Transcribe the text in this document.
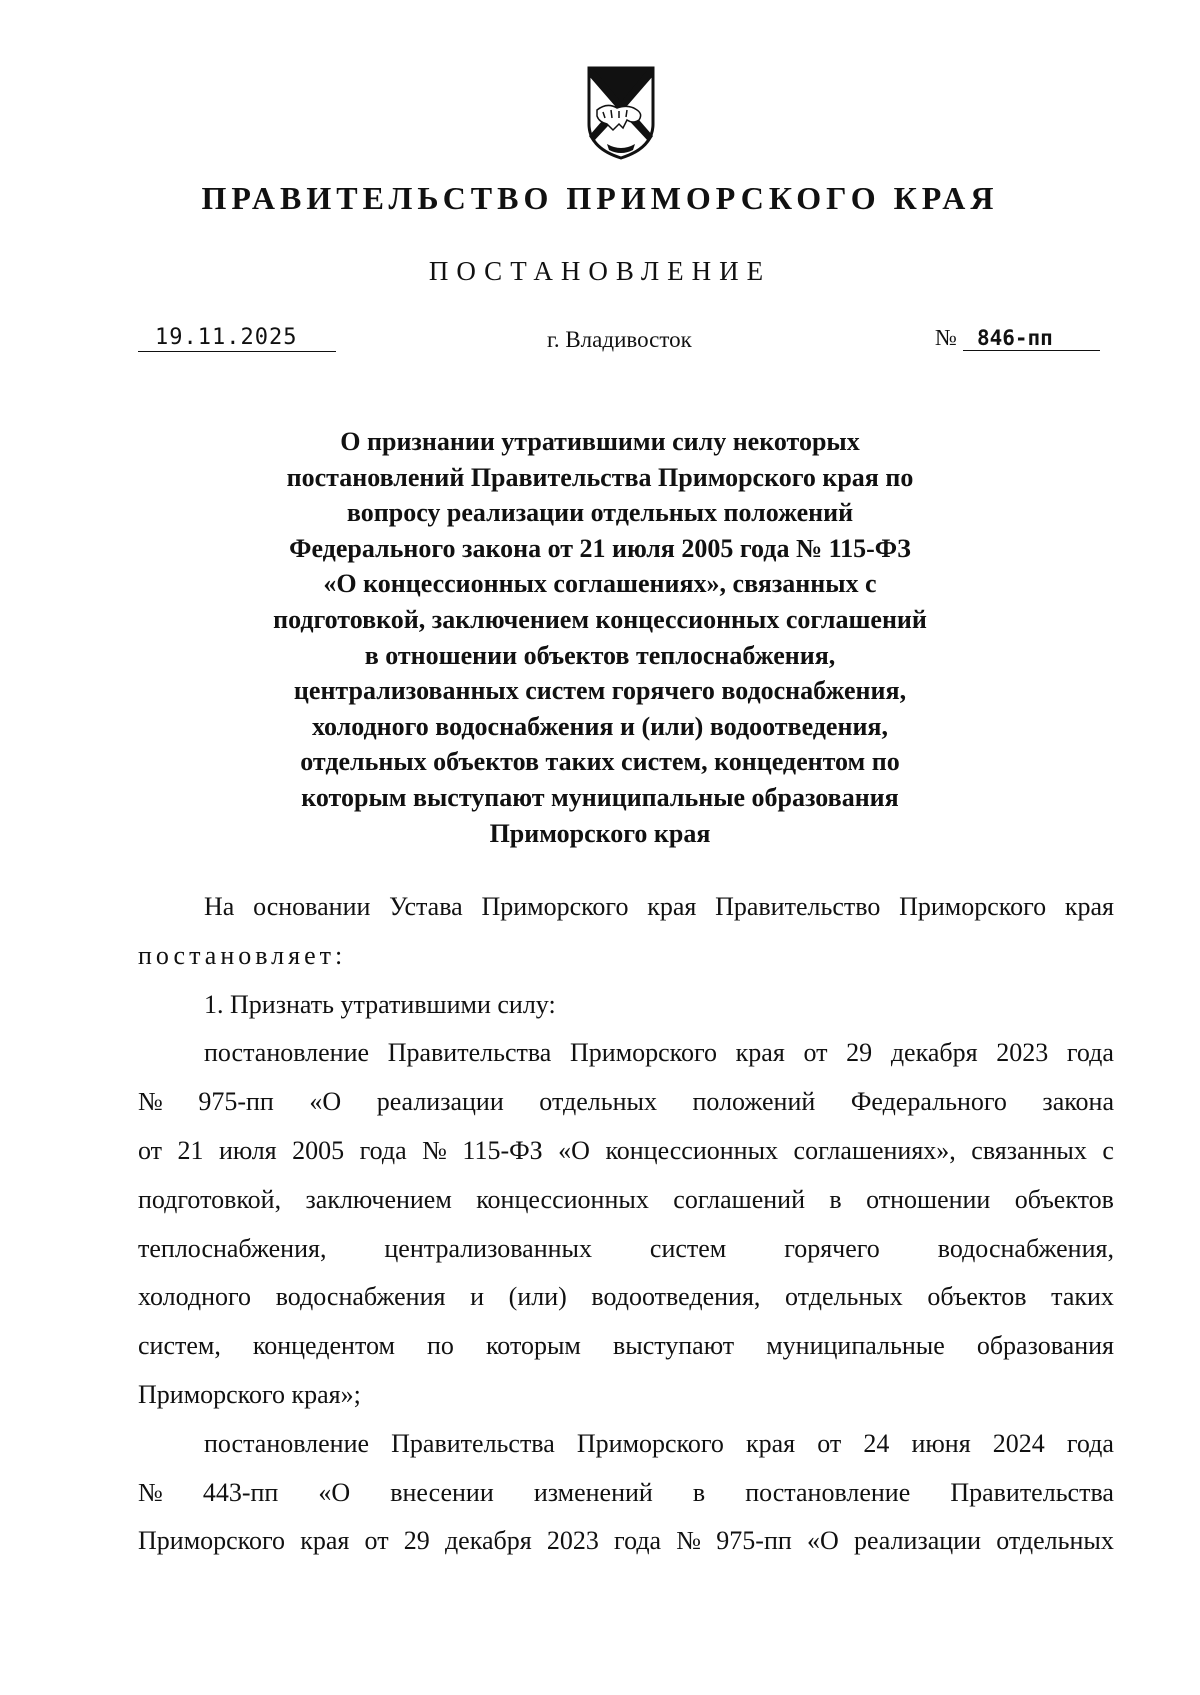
ПРАВИТЕЛЬСТВО ПРИМОРСКОГО КРАЯ
ПОСТАНОВЛЕНИЕ
19.11.2025	г. Владивосток	№ 846-пп
О признании утратившими силу некоторых
постановлений Правительства Приморского края по
вопросу реализации отдельных положений
Федерального закона от 21 июля 2005 года № 115-ФЗ
«О концессионных соглашениях», связанных с
подготовкой, заключением концессионных соглашений
в отношении объектов теплоснабжения,
централизованных систем горячего водоснабжения,
холодного водоснабжения и (или) водоотведения,
отдельных объектов таких систем, концедентом по
которым выступают муниципальные образования
Приморского края
На основании Устава Приморского края Правительство Приморского края
постановляет:
1. Признать утратившими силу:
постановление Правительства Приморского края от 29 декабря 2023 года
№ 975-пп «О реализации отдельных положений Федерального закона
от 21 июля 2005 года № 115-ФЗ «О концессионных соглашениях», связанных с
подготовкой, заключением концессионных соглашений в отношении объектов
теплоснабжения, централизованных систем горячего водоснабжения,
холодного водоснабжения и (или) водоотведения, отдельных объектов таких
систем, концедентом по которым выступают муниципальные образования
Приморского края»;
постановление Правительства Приморского края от 24 июня 2024 года
№ 443-пп «О внесении изменений в постановление Правительства
Приморского края от 29 декабря 2023 года № 975-пп «О реализации отдельных
